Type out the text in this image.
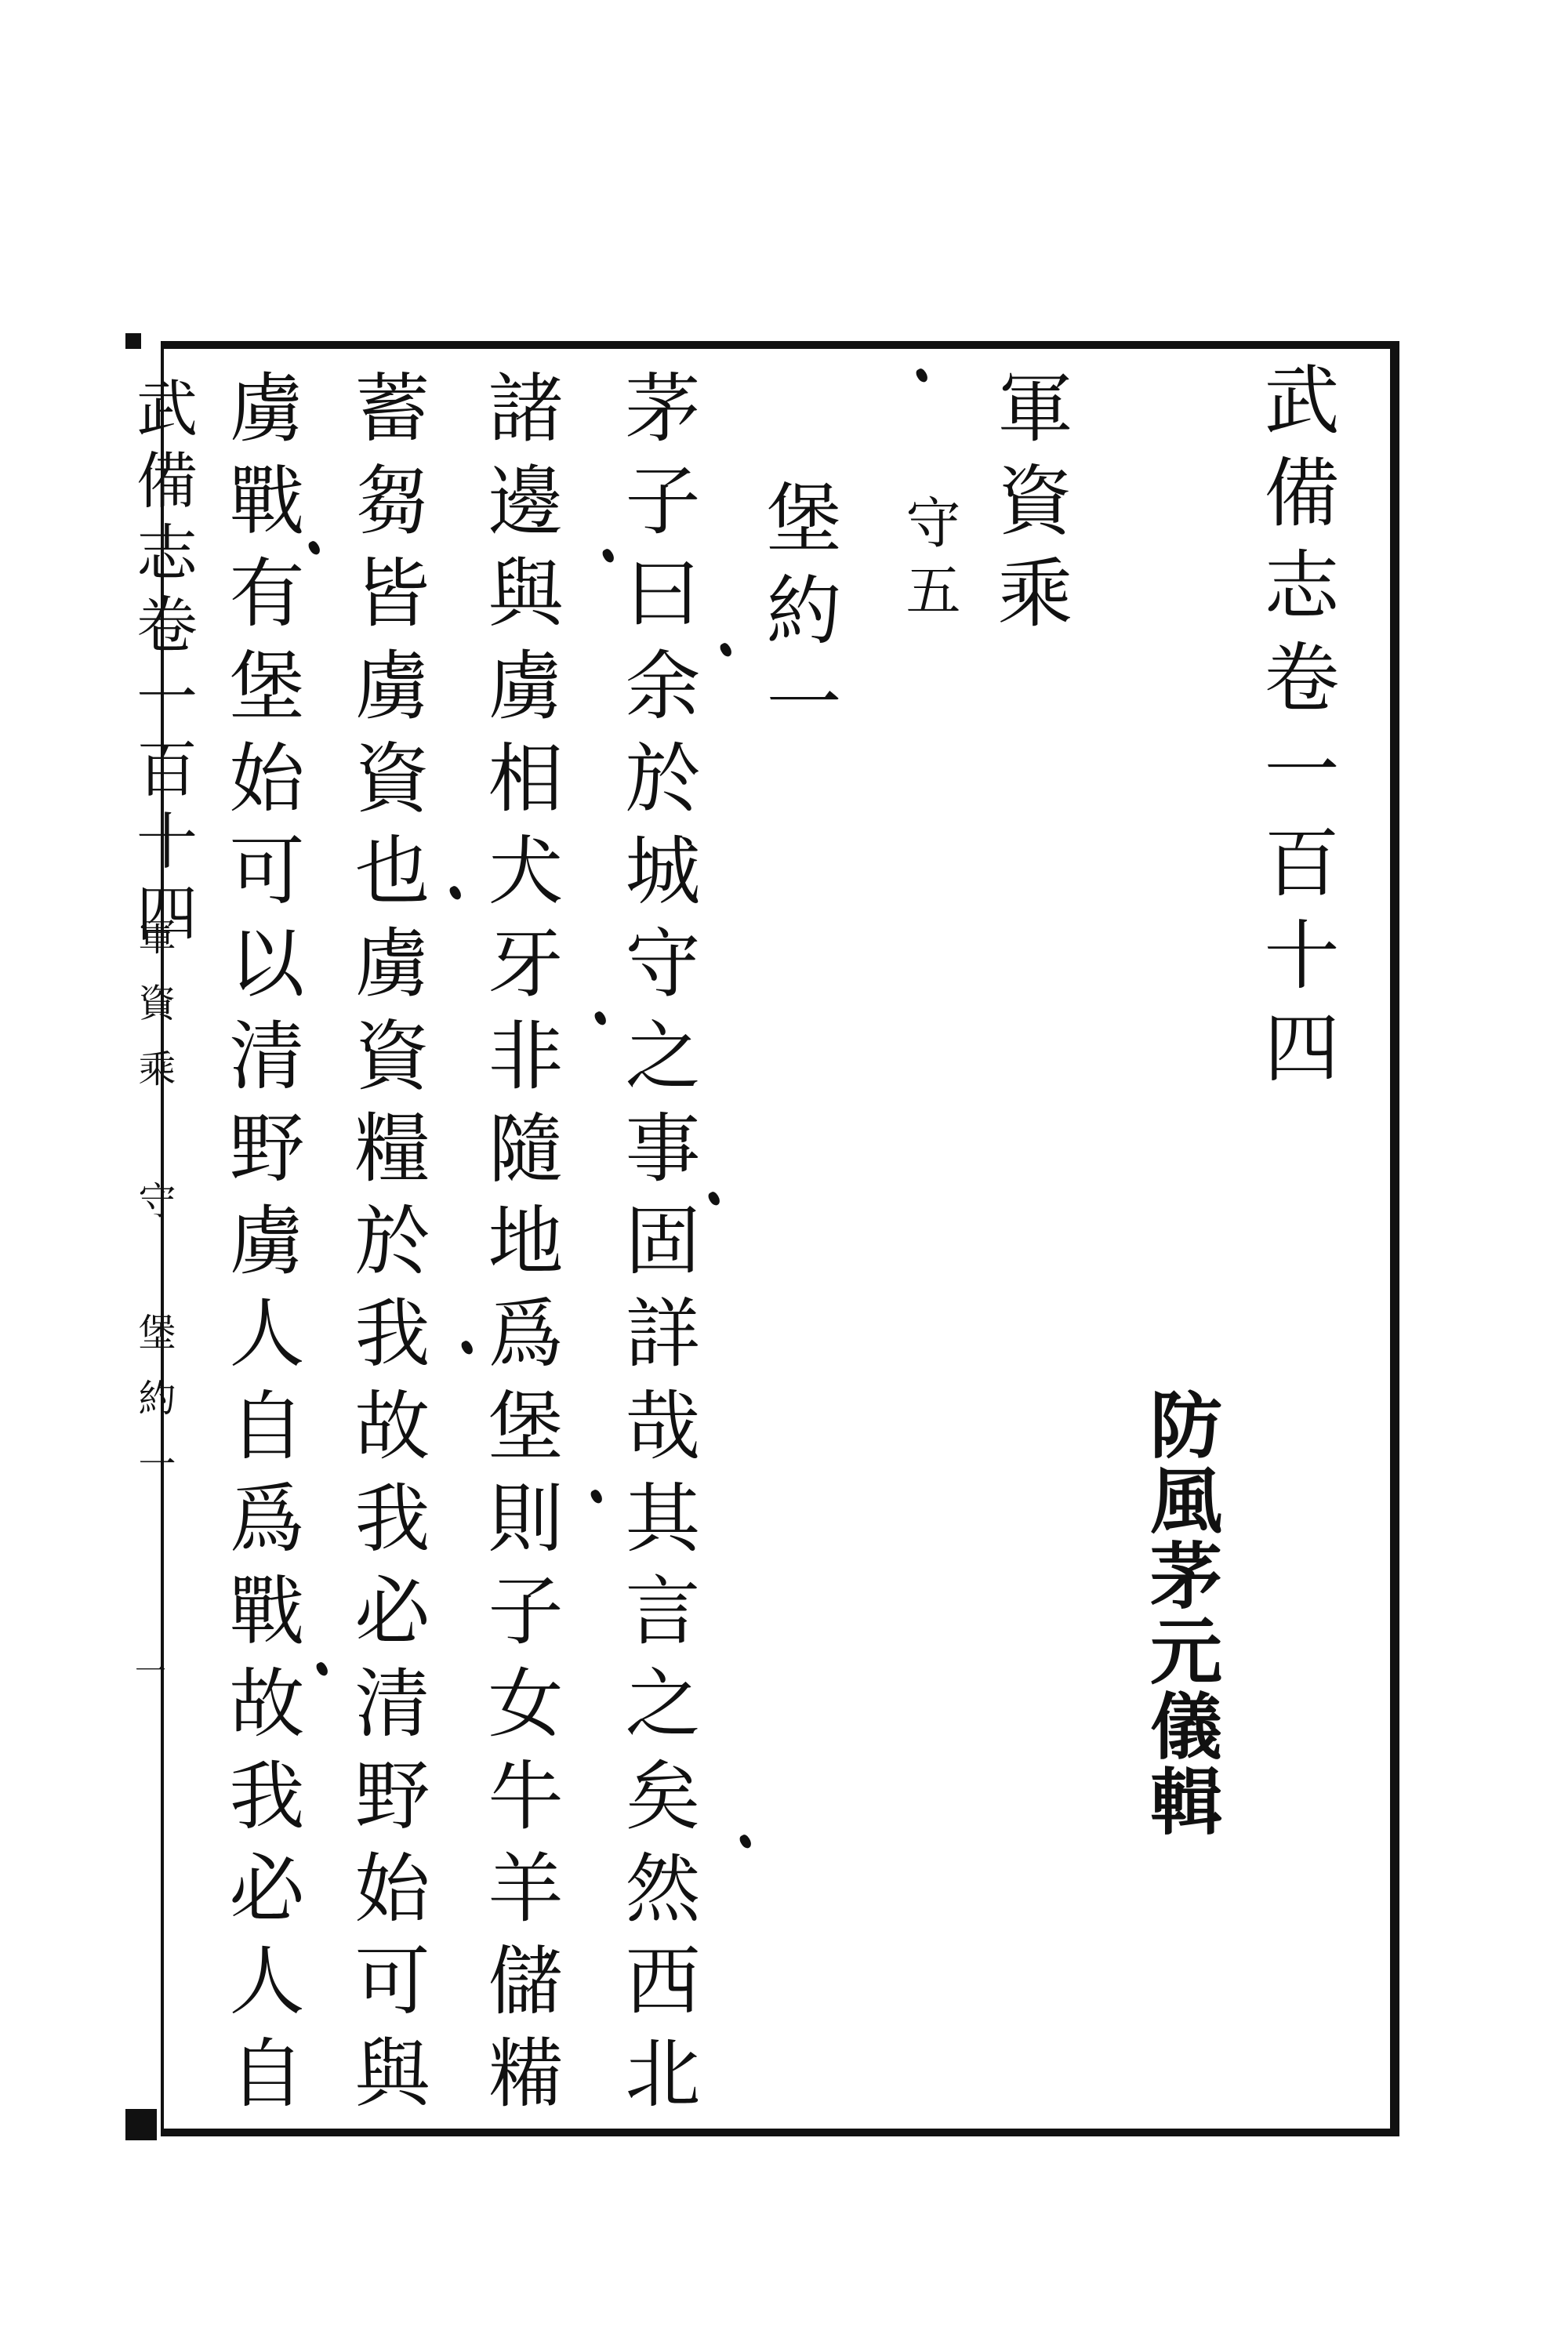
武備志卷一百十四
軍資乘　守　堡約一
一
武備志卷一百十四
軍資乘
守五
堡約一
防風茅元儀輯
茅子曰余於城守之事固詳哉其言之矣然西北
諸邊與虜相犬牙非隨地爲堡則子女牛羊儲糒
蓄芻皆虜資也虜資糧於我故我必清野始可與
虜戰有堡始可以清野虜人自爲戰故我必人自
